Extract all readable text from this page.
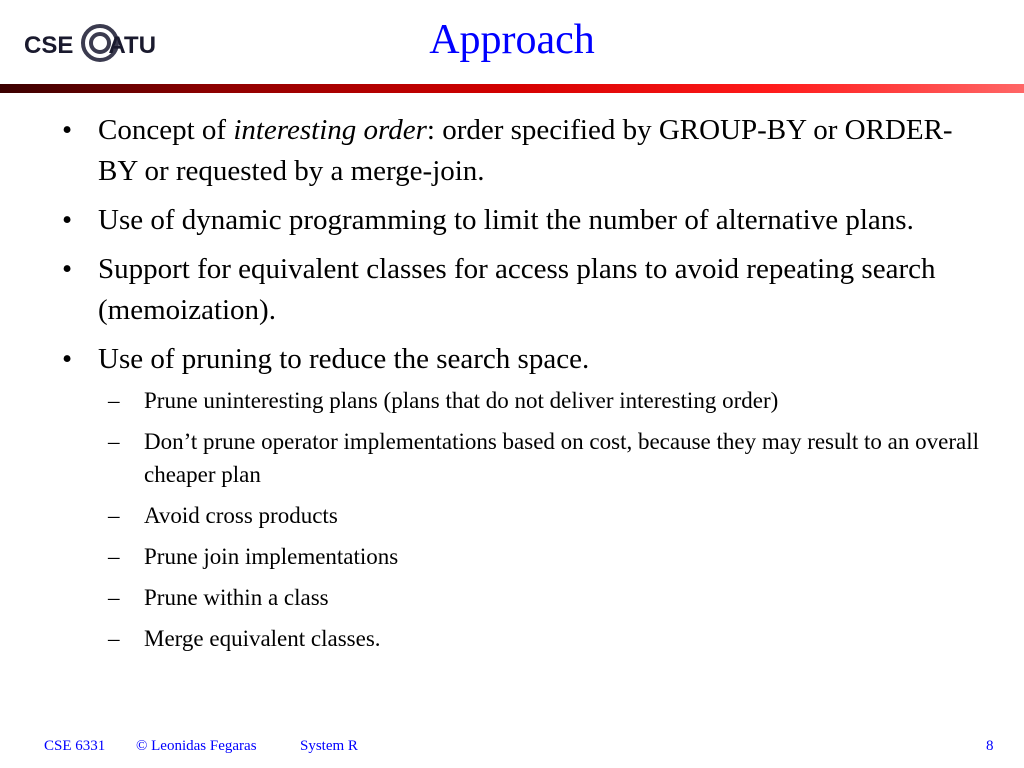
CSE UTA	Approach
• Concept of interesting order: order specified by GROUP-BY or ORDER-BY or requested by a merge-join.
• Use of dynamic programming to limit the number of alternative plans.
• Support for equivalent classes for access plans to avoid repeating search (memoization).
• Use of pruning to reduce the search space.
– Prune uninteresting plans (plans that do not deliver interesting order)
– Don’t prune operator implementations based on cost, because they may result to an overall cheaper plan
– Avoid cross products
– Prune join implementations
– Prune within a class
– Merge equivalent classes.
CSE 6331 © Leonidas Fegaras	System R	8
